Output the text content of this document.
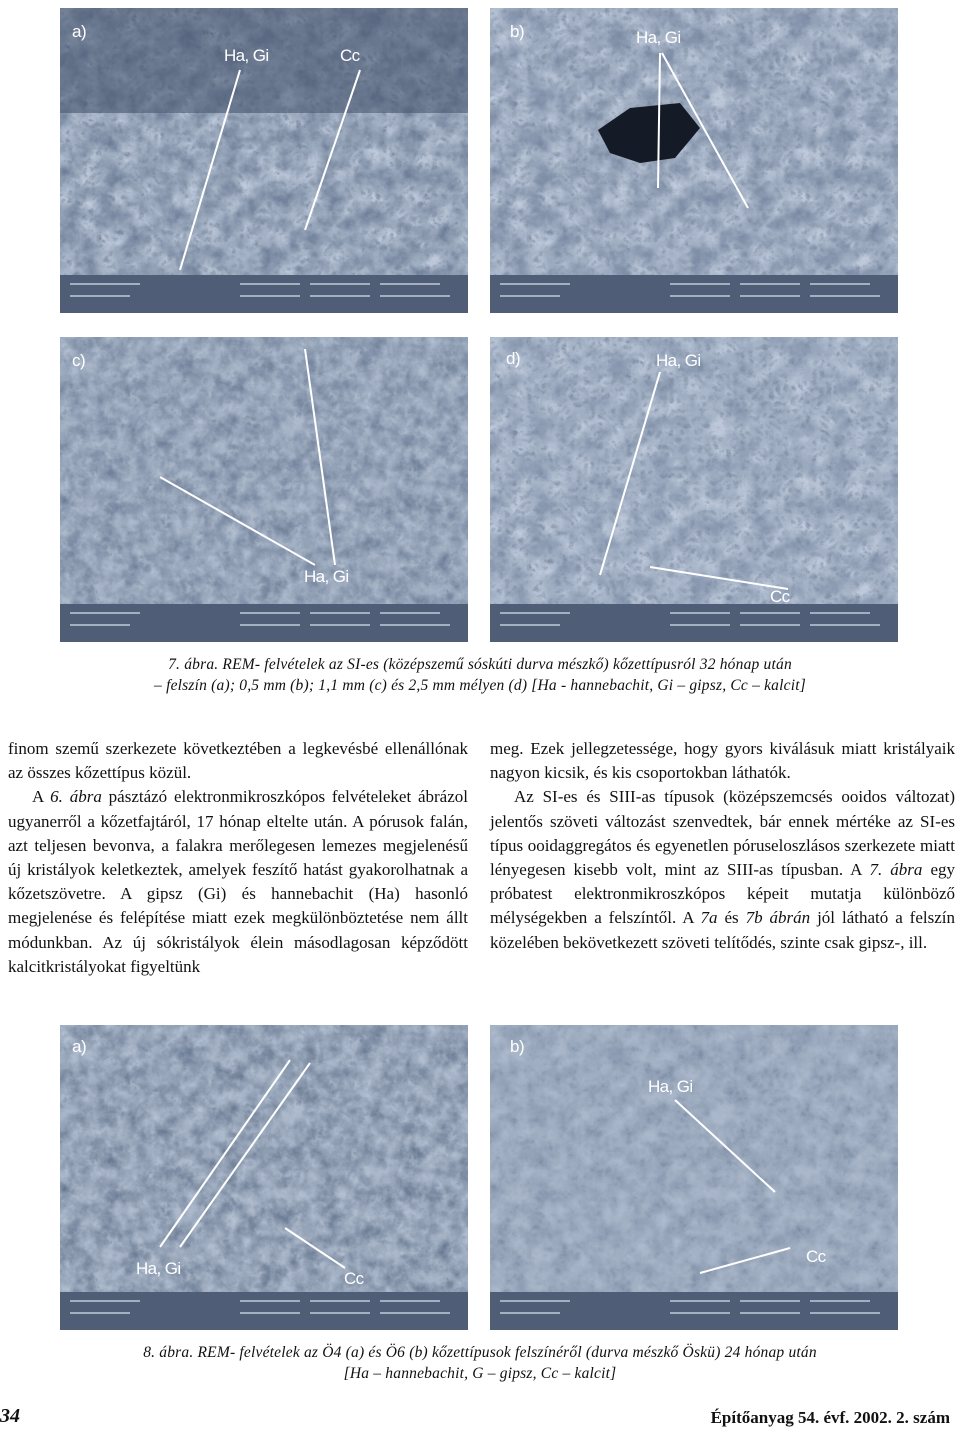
a)
Ha, Gi	Cc
b)	Ha, Gi
c)
Ha, Gi
d)	Ha, Gi
Cc
7. ábra. REM- felvételek az SI-es (középszemű sóskúti durva mészkő) kőzettípusról 32 hónap után
– felszín (a); 0,5 mm (b); 1,1 mm (c) és 2,5 mm mélyen (d) [Ha - hannebachit, Gi – gipsz, Cc – kalcit]

finom szemű szerkezete következtében a legkevésbé ellenállónak az összes kőzettípus közül.

A 6. ábra pásztázó elektronmikroszkópos felvételeket ábrázol ugyanerről a kőzetfajtáról, 17 hónap eltelte után. A pórusok falán, azt teljesen bevonva, a falakra merőlegesen lemezes megjelenésű új kristályok keletkeztek, amelyek feszítő hatást gyakorolhatnak a kőzetszövetre. A gipsz (Gi) és hannebachit (Ha) hasonló megjelenése és felépítése miatt ezek megkülönböztetése nem állt módunkban. Az új sókristályok élein másodlagosan képződött kalcitkristályokat figyeltünk

meg. Ezek jellegzetessége, hogy gyors kiválásuk miatt kristályaik nagyon kicsik, és kis csoportokban láthatók.

Az SI-es és SIII-as típusok (középszemcsés ooidos változat) jelentős szöveti változást szenvedtek, bár ennek mértéke az SI-es típus ooidaggregátos és egyenetlen póruseloszlásos szerkezete miatt lényegesen kisebb volt, mint az SIII-as típusban. A 7. ábra egy próbatest elektronmikroszkópos képeit mutatja különböző mélységekben a felszíntől. A 7a és 7b ábrán jól látható a felszín közelében bekövetkezett szöveti telítődés, szinte csak gipsz-, ill.

a)
Ha, Gi
Cc
b)
Ha, Gi
Cc
8. ábra. REM- felvételek az Ö4 (a) és Ö6 (b) kőzettípusok felszínéről (durva mészkő Öskü) 24 hónap után
[Ha – hannebachit, G – gipsz, Cc – kalcit]
34	Építőanyag 54. évf. 2002. 2. szám
